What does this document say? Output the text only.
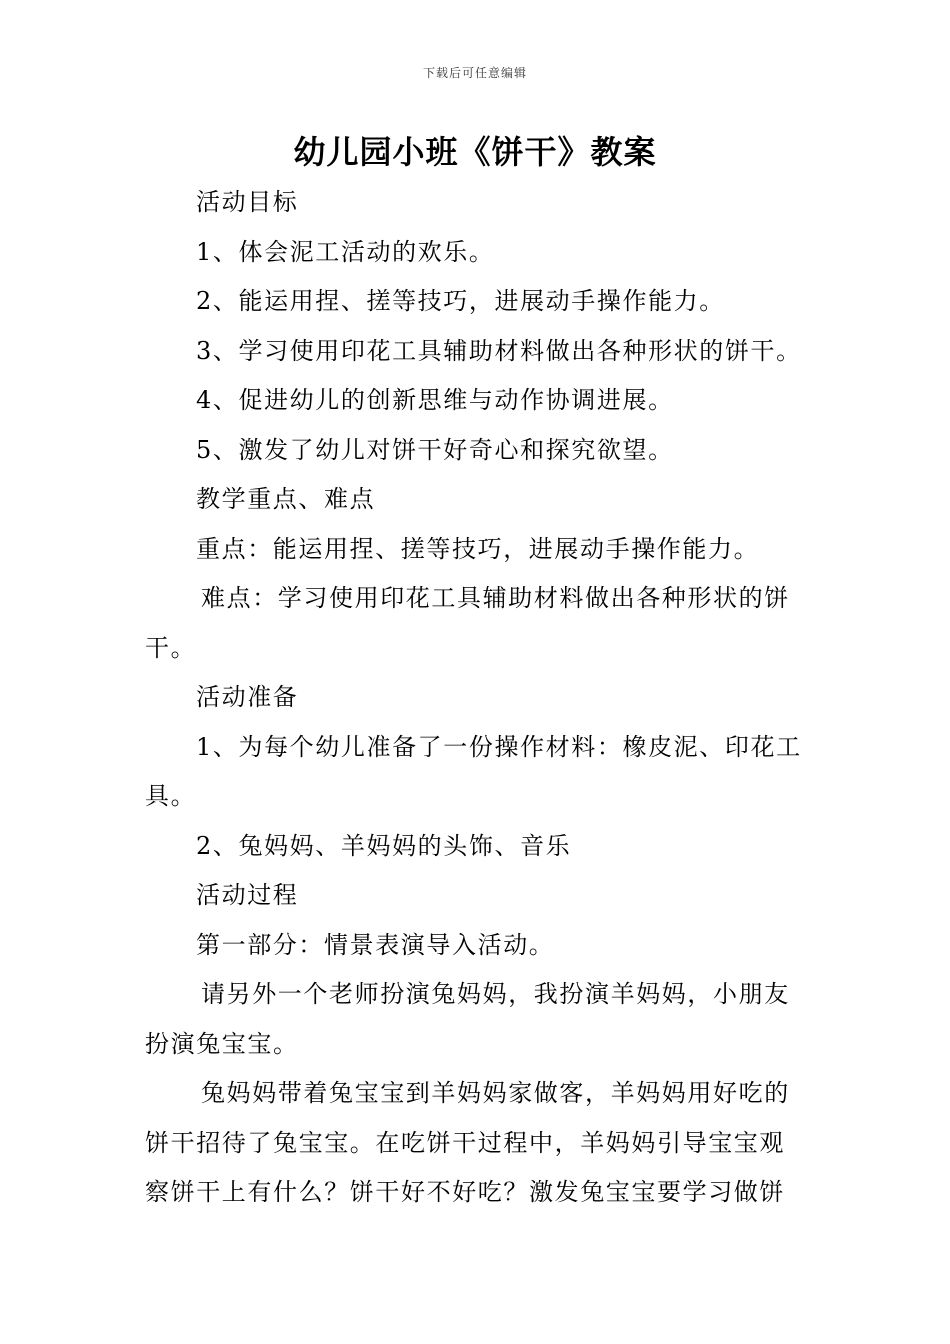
下载后可任意编辑
幼儿园小班《饼干》教案

活动目标

1、体会泥工活动的欢乐。

2、能运用捏、搓等技巧，进展动手操作能力。

3、学习使用印花工具辅助材料做出各种形状的饼干。

4、促进幼儿的创新思维与动作协调进展。

5、激发了幼儿对饼干好奇心和探究欲望。

教学重点、难点

重点：能运用捏、搓等技巧，进展动手操作能力。

难点：学习使用印花工具辅助材料做出各种形状的饼干。

活动准备

1、为每个幼儿准备了一份操作材料：橡皮泥、印花工具。

2、兔妈妈、羊妈妈的头饰、音乐

活动过程

第一部分：情景表演导入活动。

请另外一个老师扮演兔妈妈，我扮演羊妈妈，小朋友扮演兔宝宝。

兔妈妈带着兔宝宝到羊妈妈家做客，羊妈妈用好吃的饼干招待了兔宝宝。在吃饼干过程中，羊妈妈引导宝宝观察饼干上有什么？饼干好不好吃？激发兔宝宝要学习做饼
